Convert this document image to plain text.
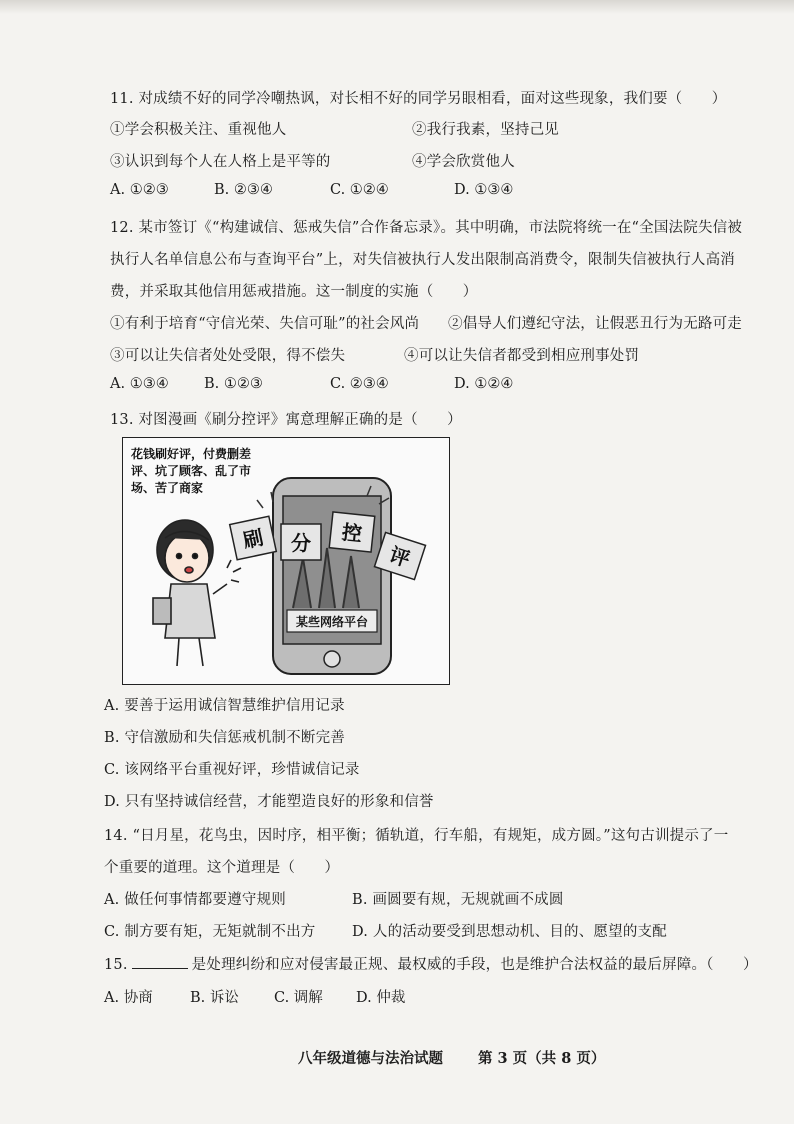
11. 对成绩不好的同学冷嘲热讽，对长相不好的同学另眼相看，面对这些现象，我们要（　　）
①学会积极关注、重视他人	②我行我素，坚持己见
③认识到每个人在人格上是平等的	④学会欣赏他人
A. ①②③	B. ②③④	C. ①②④	D. ①③④
12. 某市签订《“构建诚信、惩戒失信”合作备忘录》。其中明确，市法院将统一在“全国法院失信被
执行人名单信息公布与查询平台”上，对失信被执行人发出限制高消费令，限制失信被执行人高消
费，并采取其他信用惩戒措施。这一制度的实施（　　）
①有利于培育“守信光荣、失信可耻”的社会风尚 ②倡导人们遵纪守法，让假恶丑行为无路可走
③可以让失信者处处受限，得不偿失	④可以让失信者都受到相应刑事处罚
A. ①③④ B. ①②③	C. ②③④	D. ①②④
13. 对图漫画《刷分控评》寓意理解正确的是（　　）
花钱刷好评，付费删差
评、坑了顾客、乱了市
场、苦了商家
某些网络平台
刷 分 控
评
A. 要善于运用诚信智慧维护信用记录
B. 守信激励和失信惩戒机制不断完善
C. 该网络平台重视好评，珍惜诚信记录
D. 只有坚持诚信经营，才能塑造良好的形象和信誉
14. “日月星，花鸟虫，因时序，相平衡；循轨道，行车船，有规矩，成方圆。”这句古训提示了一
个重要的道理。这个道理是（　　）
A. 做任何事情都要遵守规则	B. 画圆要有规，无规就画不成圆
C. 制方要有矩，无矩就制不出方	D. 人的活动要受到思想动机、目的、愿望的支配
15.	是处理纠纷和应对侵害最正规、最权威的手段，也是维护合法权益的最后屏障。（　　）
A. 协商	B. 诉讼 C. 调解 D. 仲裁
八年级道德与法治试题 第 3 页（共 8 页）
